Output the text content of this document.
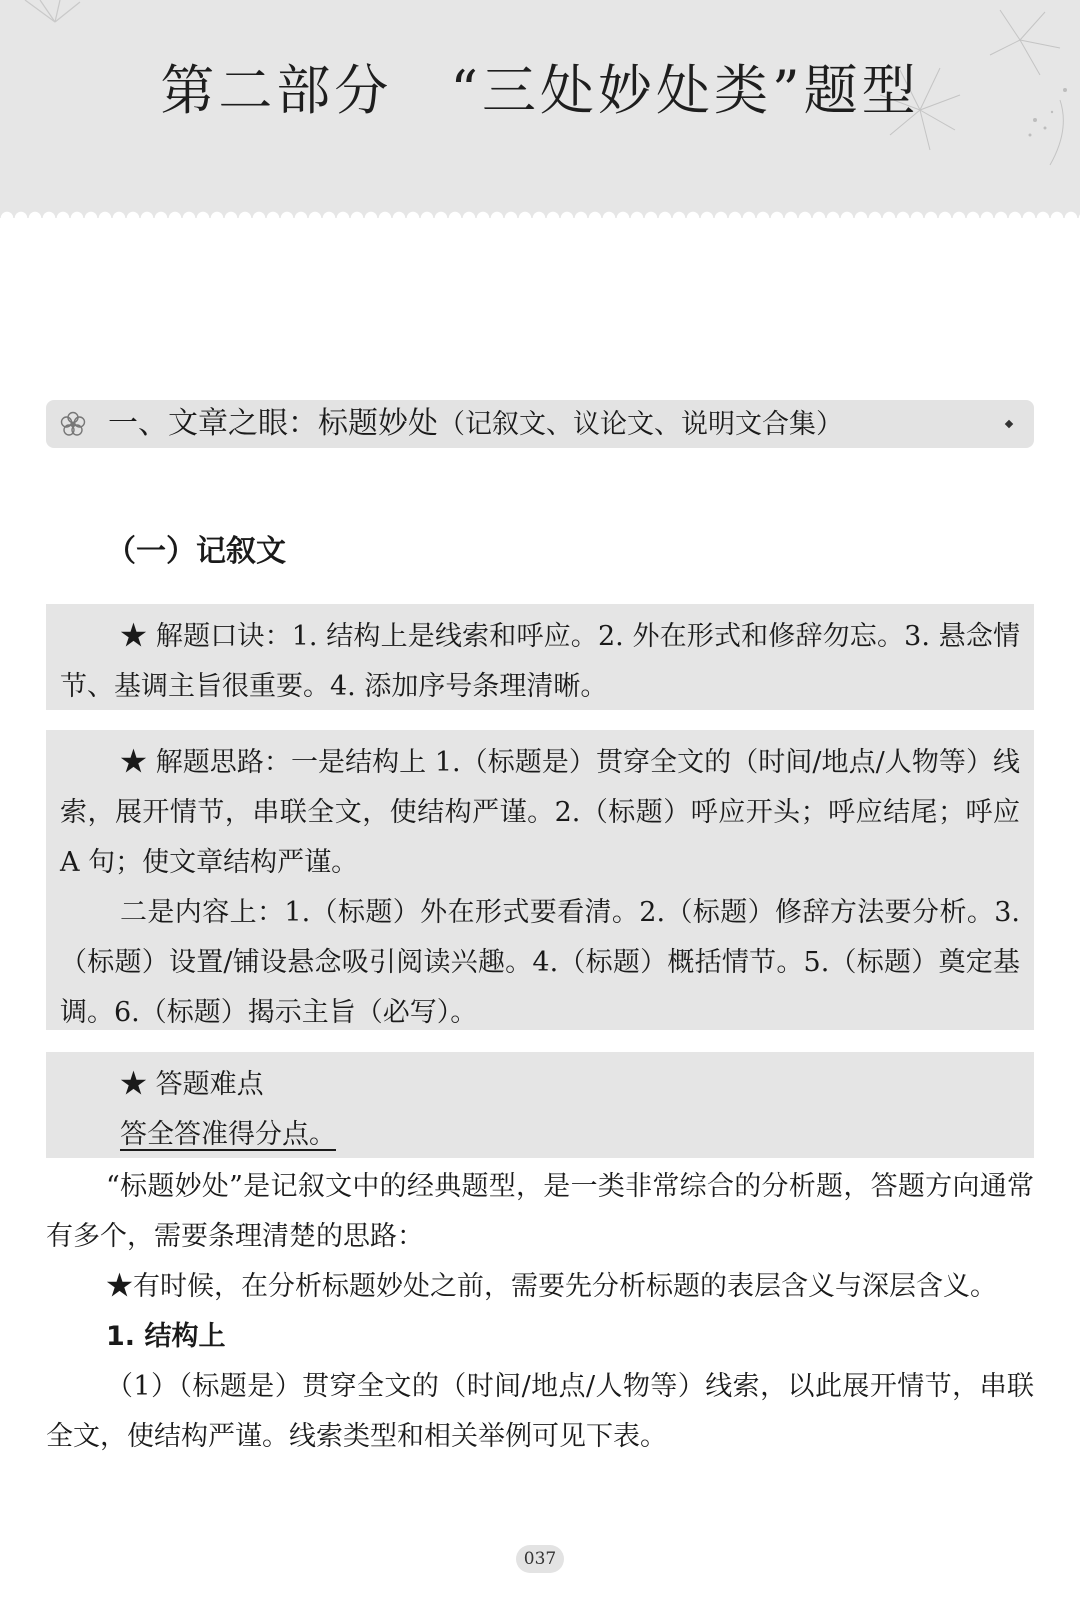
第二部分　“三处妙处类”题型
一、文章之眼：标题妙处（记叙文、议论文、说明文合集）
（一）记叙文

★ 解题口诀：1. 结构上是线索和呼应。2. 外在形式和修辞勿忘。3. 悬念情节、基调主旨很重要。4. 添加序号条理清晰。

★ 解题思路：一是结构上 1.（标题是）贯穿全文的（时间/地点/人物等）线索，展开情节，串联全文，使结构严谨。2.（标题）呼应开头；呼应结尾；呼应 A 句；使文章结构严谨。

二是内容上：1.（标题）外在形式要看清。2.（标题）修辞方法要分析。3.（标题）设置/铺设悬念吸引阅读兴趣。4.（标题）概括情节。5.（标题）奠定基调。6.（标题）揭示主旨（必写）。

★ 答题难点

答全答准得分点。

“标题妙处”是记叙文中的经典题型，是一类非常综合的分析题，答题方向通常有多个，需要条理清楚的思路：

★有时候，在分析标题妙处之前，需要先分析标题的表层含义与深层含义。

1. 结构上

（1）（标题是）贯穿全文的（时间/地点/人物等）线索，以此展开情节，串联全文，使结构严谨。线索类型和相关举例可见下表。

037
